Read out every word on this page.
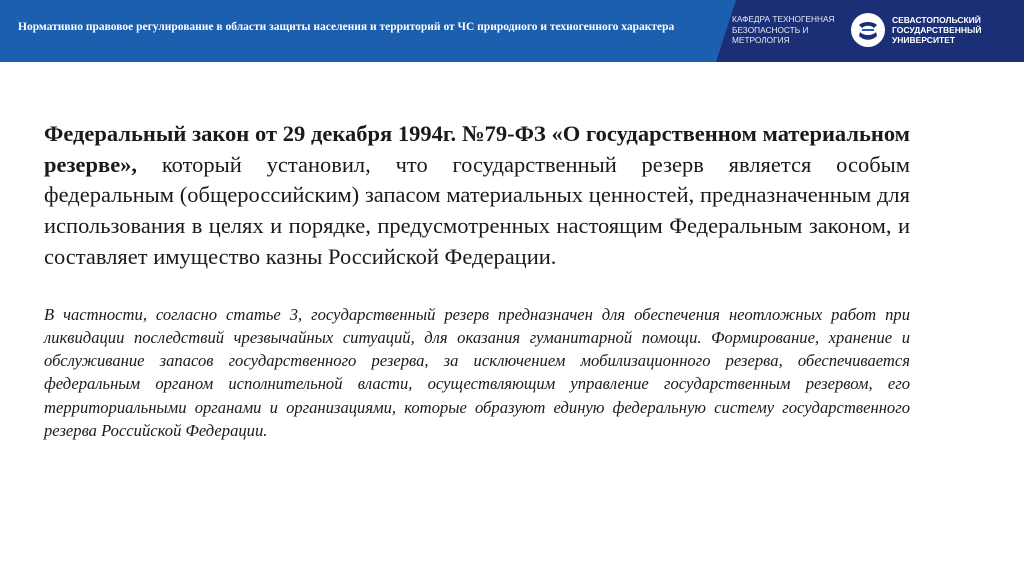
Нормативно правовое регулирование в области защиты населения и территорий от ЧС природного и техногенного характера
КАФЕДРА ТЕХНОГЕННАЯ
БЕЗОПАСНОСТЬ И
МЕТРОЛОГИЯ
СЕВАСТОПОЛЬСКИЙ
ГОСУДАРСТВЕННЫЙ
УНИВЕРСИТЕТ

Федеральный закон от 29 декабря 1994г. №79-ФЗ «О государственном материальном резерве», который установил, что государственный резерв является особым федеральным (общероссийским) запасом материальных ценностей, предназначенным для использования в целях и порядке, предусмотренных настоящим Федеральным законом, и составляет имущество казны Российской Федерации.

В частности, согласно статье 3, государственный резерв предназначен для обеспечения неотложных работ при ликвидации последствий чрезвычайных ситуаций, для оказания гуманитарной помощи. Формирование, хранение и обслуживание запасов государственного резерва, за исключением мобилизационного резерва, обеспечивается федеральным органом исполнительной власти, осуществляющим управление государственным резервом, его территориальными органами и организациями, которые образуют единую федеральную систему государственного резерва Российской Федерации.
